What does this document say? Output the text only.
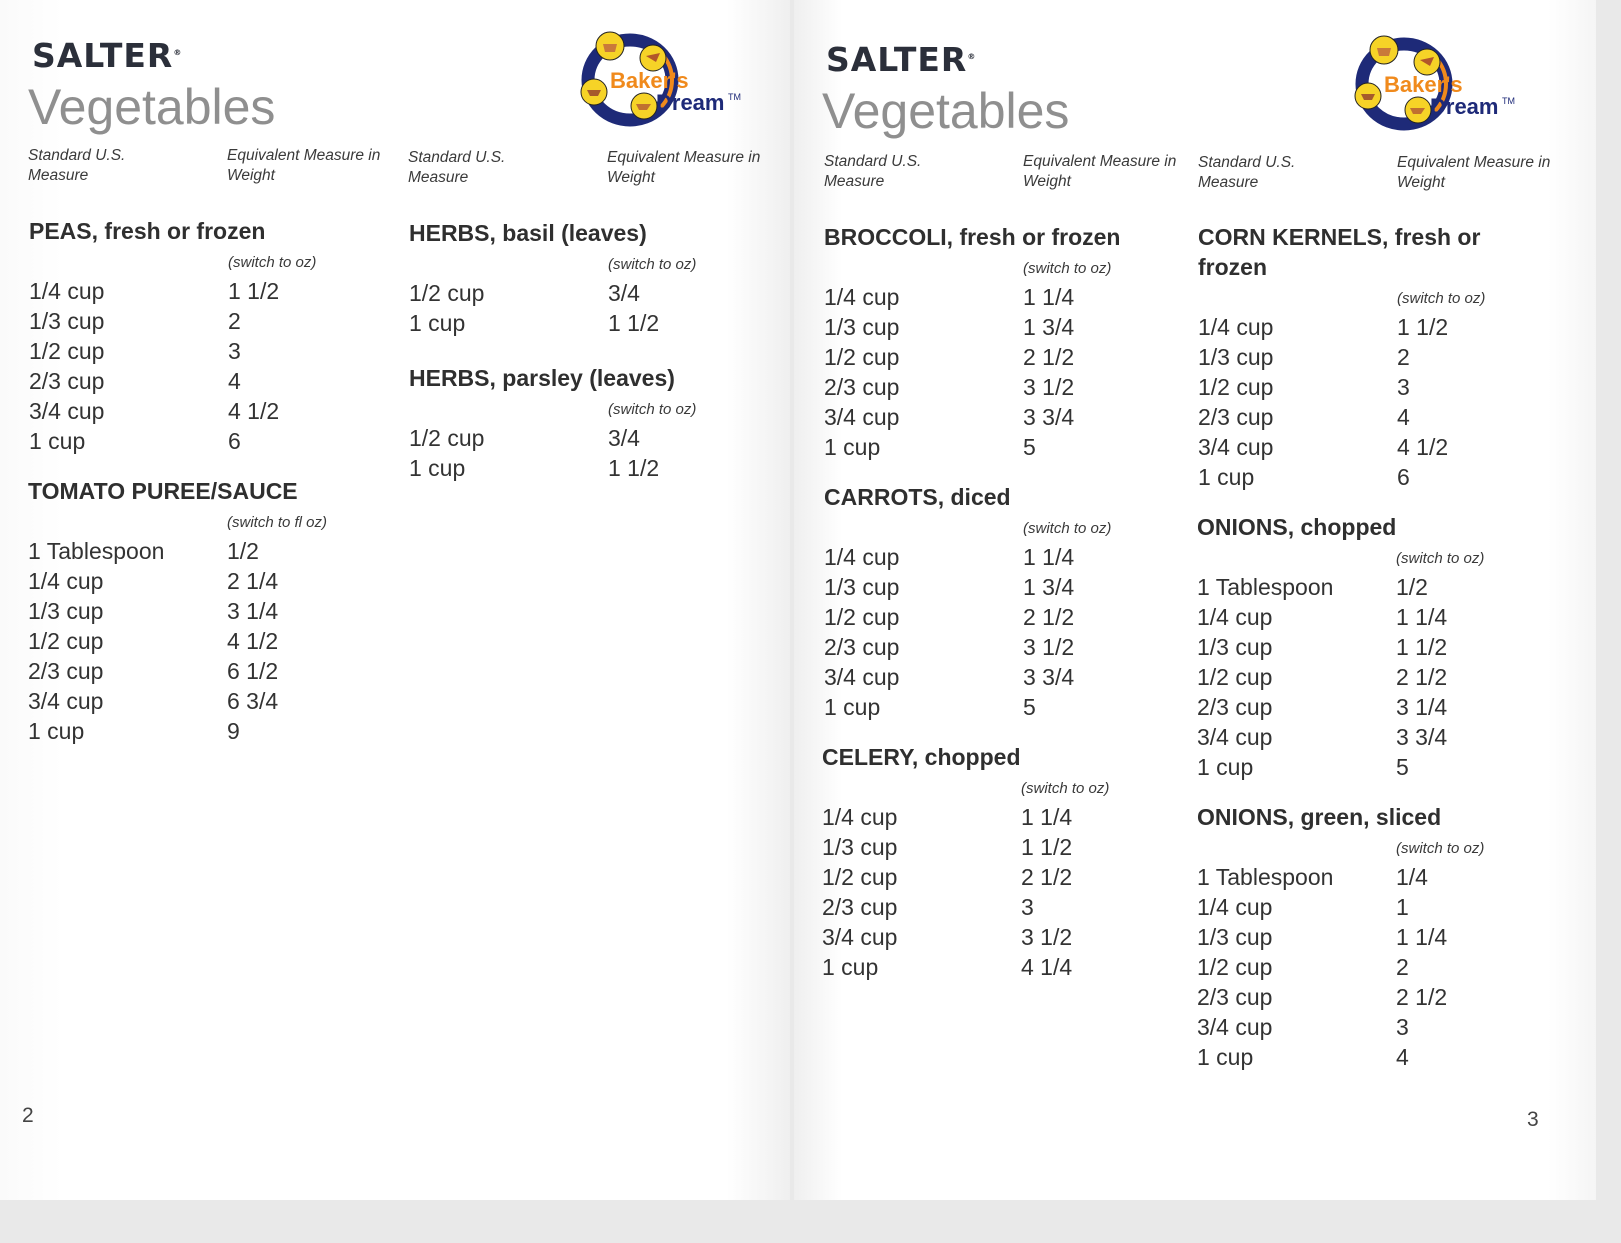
SALTER®
Vegetables	Baker's
Dream TM
Standard U.S. Measure
Equivalent Measure in Weight
Standard U.S. Measure
Equivalent Measure in Weight
PEAS, fresh or frozen
(switch to oz)
1/4 cup	1 1/2
1/3 cup	2
1/2 cup	3
2/3 cup	4
3/4 cup	4 1/2
1 cup	6
TOMATO PUREE/SAUCE
(switch to fl oz)
1 Tablespoon	1/2
1/4 cup	2 1/4
1/3 cup	3 1/4
1/2 cup	4 1/2
2/3 cup	6 1/2
3/4 cup	6 3/4
1 cup	9
HERBS, basil (leaves)
(switch to oz)
1/2 cup	3/4
1 cup	1 1/2
HERBS, parsley (leaves)
(switch to oz)
1/2 cup	3/4
1 cup	1 1/2
2
SALTER®
Vegetables	Baker's
Dream TM
Standard U.S. Measure
Equivalent Measure in Weight
Standard U.S. Measure
Equivalent Measure in Weight
BROCCOLI, fresh or frozen
(switch to oz)
1/4 cup	1 1/4
1/3 cup	1 3/4
1/2 cup	2 1/2
2/3 cup	3 1/2
3/4 cup	3 3/4
1 cup	5
CARROTS, diced
(switch to oz)
1/4 cup	1 1/4
1/3 cup	1 3/4
1/2 cup	2 1/2
2/3 cup	3 1/2
3/4 cup	3 3/4
1 cup	5
CELERY, chopped
(switch to oz)
1/4 cup	1 1/4
1/3 cup	1 1/2
1/2 cup	2 1/2
2/3 cup	3
3/4 cup	3 1/2
1 cup	4 1/4
CORN KERNELS, fresh or
frozen
(switch to oz)
1/4 cup	1 1/2
1/3 cup	2
1/2 cup	3
2/3 cup	4
3/4 cup	4 1/2
1 cup	6
ONIONS, chopped
(switch to oz)
1 Tablespoon	1/2
1/4 cup	1 1/4
1/3 cup	1 1/2
1/2 cup	2 1/2
2/3 cup	3 1/4
3/4 cup	3 3/4
1 cup	5
ONIONS, green, sliced
(switch to oz)
1 Tablespoon	1/4
1/4 cup	1
1/3 cup	1 1/4
1/2 cup	2
2/3 cup	2 1/2
3/4 cup	3
1 cup	4
3
